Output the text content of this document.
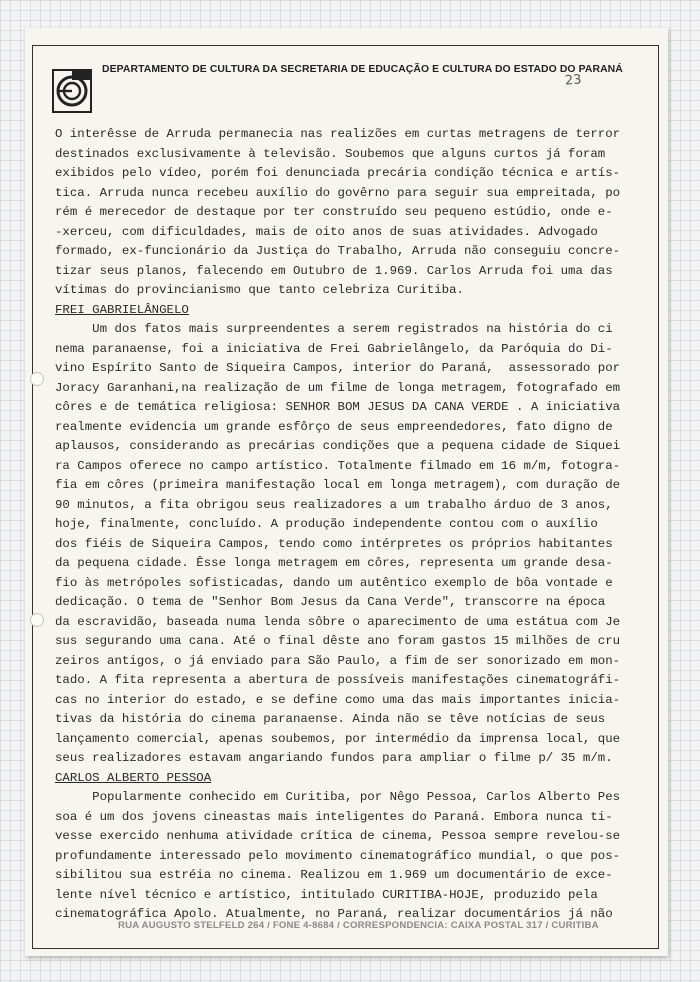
DEPARTAMENTO DE CULTURA DA SECRETARIA DE EDUCAÇÃO E CULTURA DO ESTADO DO PARANÁ
23
O interêsse de Arruda permanecia nas realizões em curtas metragens de terror
destinados exclusivamente à televisão. Soubemos que alguns curtos já foram
exibidos pelo vídeo, porém foi denunciada precária condição técnica e artís-
tica. Arruda nunca recebeu auxílio do govêrno para seguir sua empreitada, po
rém é merecedor de destaque por ter construído seu pequeno estúdio, onde e-
-xerceu, com dificuldades, mais de oito anos de suas atividades. Advogado
formado, ex-funcionário da Justiça do Trabalho, Arruda não conseguiu concre-
tizar seus planos, falecendo em Outubro de 1.969. Carlos Arruda foi uma das
vítimas do provincianismo que tanto celebriza Curitiba.
FREI GABRIELÂNGELO
Um dos fatos mais surpreendentes a serem registrados na história do ci
nema paranaense, foi a iniciativa de Frei Gabrielângelo, da Paróquia do Di-
vino Espírito Santo de Siqueira Campos, interior do Paraná,  assessorado por
Joracy Garanhani,na realização de um filme de longa metragem, fotografado em
côres e de temática religiosa: SENHOR BOM JESUS DA CANA VERDE . A iniciativa
realmente evidencia um grande esfôrço de seus empreendedores, fato digno de
aplausos, considerando as precárias condições que a pequena cidade de Siquei
ra Campos oferece no campo artístico. Totalmente filmado em 16 m/m, fotogra-
fia em côres (primeira manifestação local em longa metragem), com duração de
90 minutos, a fita obrigou seus realizadores a um trabalho árduo de 3 anos,
hoje, finalmente, concluído. A produção independente contou com o auxílio
dos fiéis de Siqueira Campos, tendo como intérpretes os próprios habitantes
da pequena cidade. Êsse longa metragem em côres, representa um grande desa-
fio às metrópoles sofisticadas, dando um autêntico exemplo de bôa vontade e
dedicação. O tema de "Senhor Bom Jesus da Cana Verde", transcorre na época
da escravidão, baseada numa lenda sôbre o aparecimento de uma estátua com Je
sus segurando uma cana. Até o final dêste ano foram gastos 15 milhões de cru
zeiros antigos, o já enviado para São Paulo, a fim de ser sonorizado em mon-
tado. A fita representa a abertura de possíveis manifestações cinematográfi-
cas no interior do estado, e se define como uma das mais importantes inicia-
tivas da história do cinema paranaense. Ainda não se têve notícias de seus
lançamento comercial, apenas soubemos, por intermédio da imprensa local, que
seus realizadores estavam angariando fundos para ampliar o filme p/ 35 m/m.
CARLOS ALBERTO PESSOA
Popularmente conhecido em Curitiba, por Nêgo Pessoa, Carlos Alberto Pes
soa é um dos jovens cineastas mais inteligentes do Paraná. Embora nunca ti-
vesse exercido nenhuma atividade crítica de cinema, Pessoa sempre revelou-se
profundamente interessado pelo movimento cinematográfico mundial, o que pos-
sibilitou sua estréia no cinema. Realizou em 1.969 um documentário de exce-
lente nível técnico e artístico, intitulado CURITIBA-HOJE, produzido pela
cinematográfica Apolo. Atualmente, no Paraná, realizar documentários já não
RUA AUGUSTO STELFELD 264 / FONE 4-8684 / CORRESPONDENCIA: CAIXA POSTAL 317 / CURITIBA
